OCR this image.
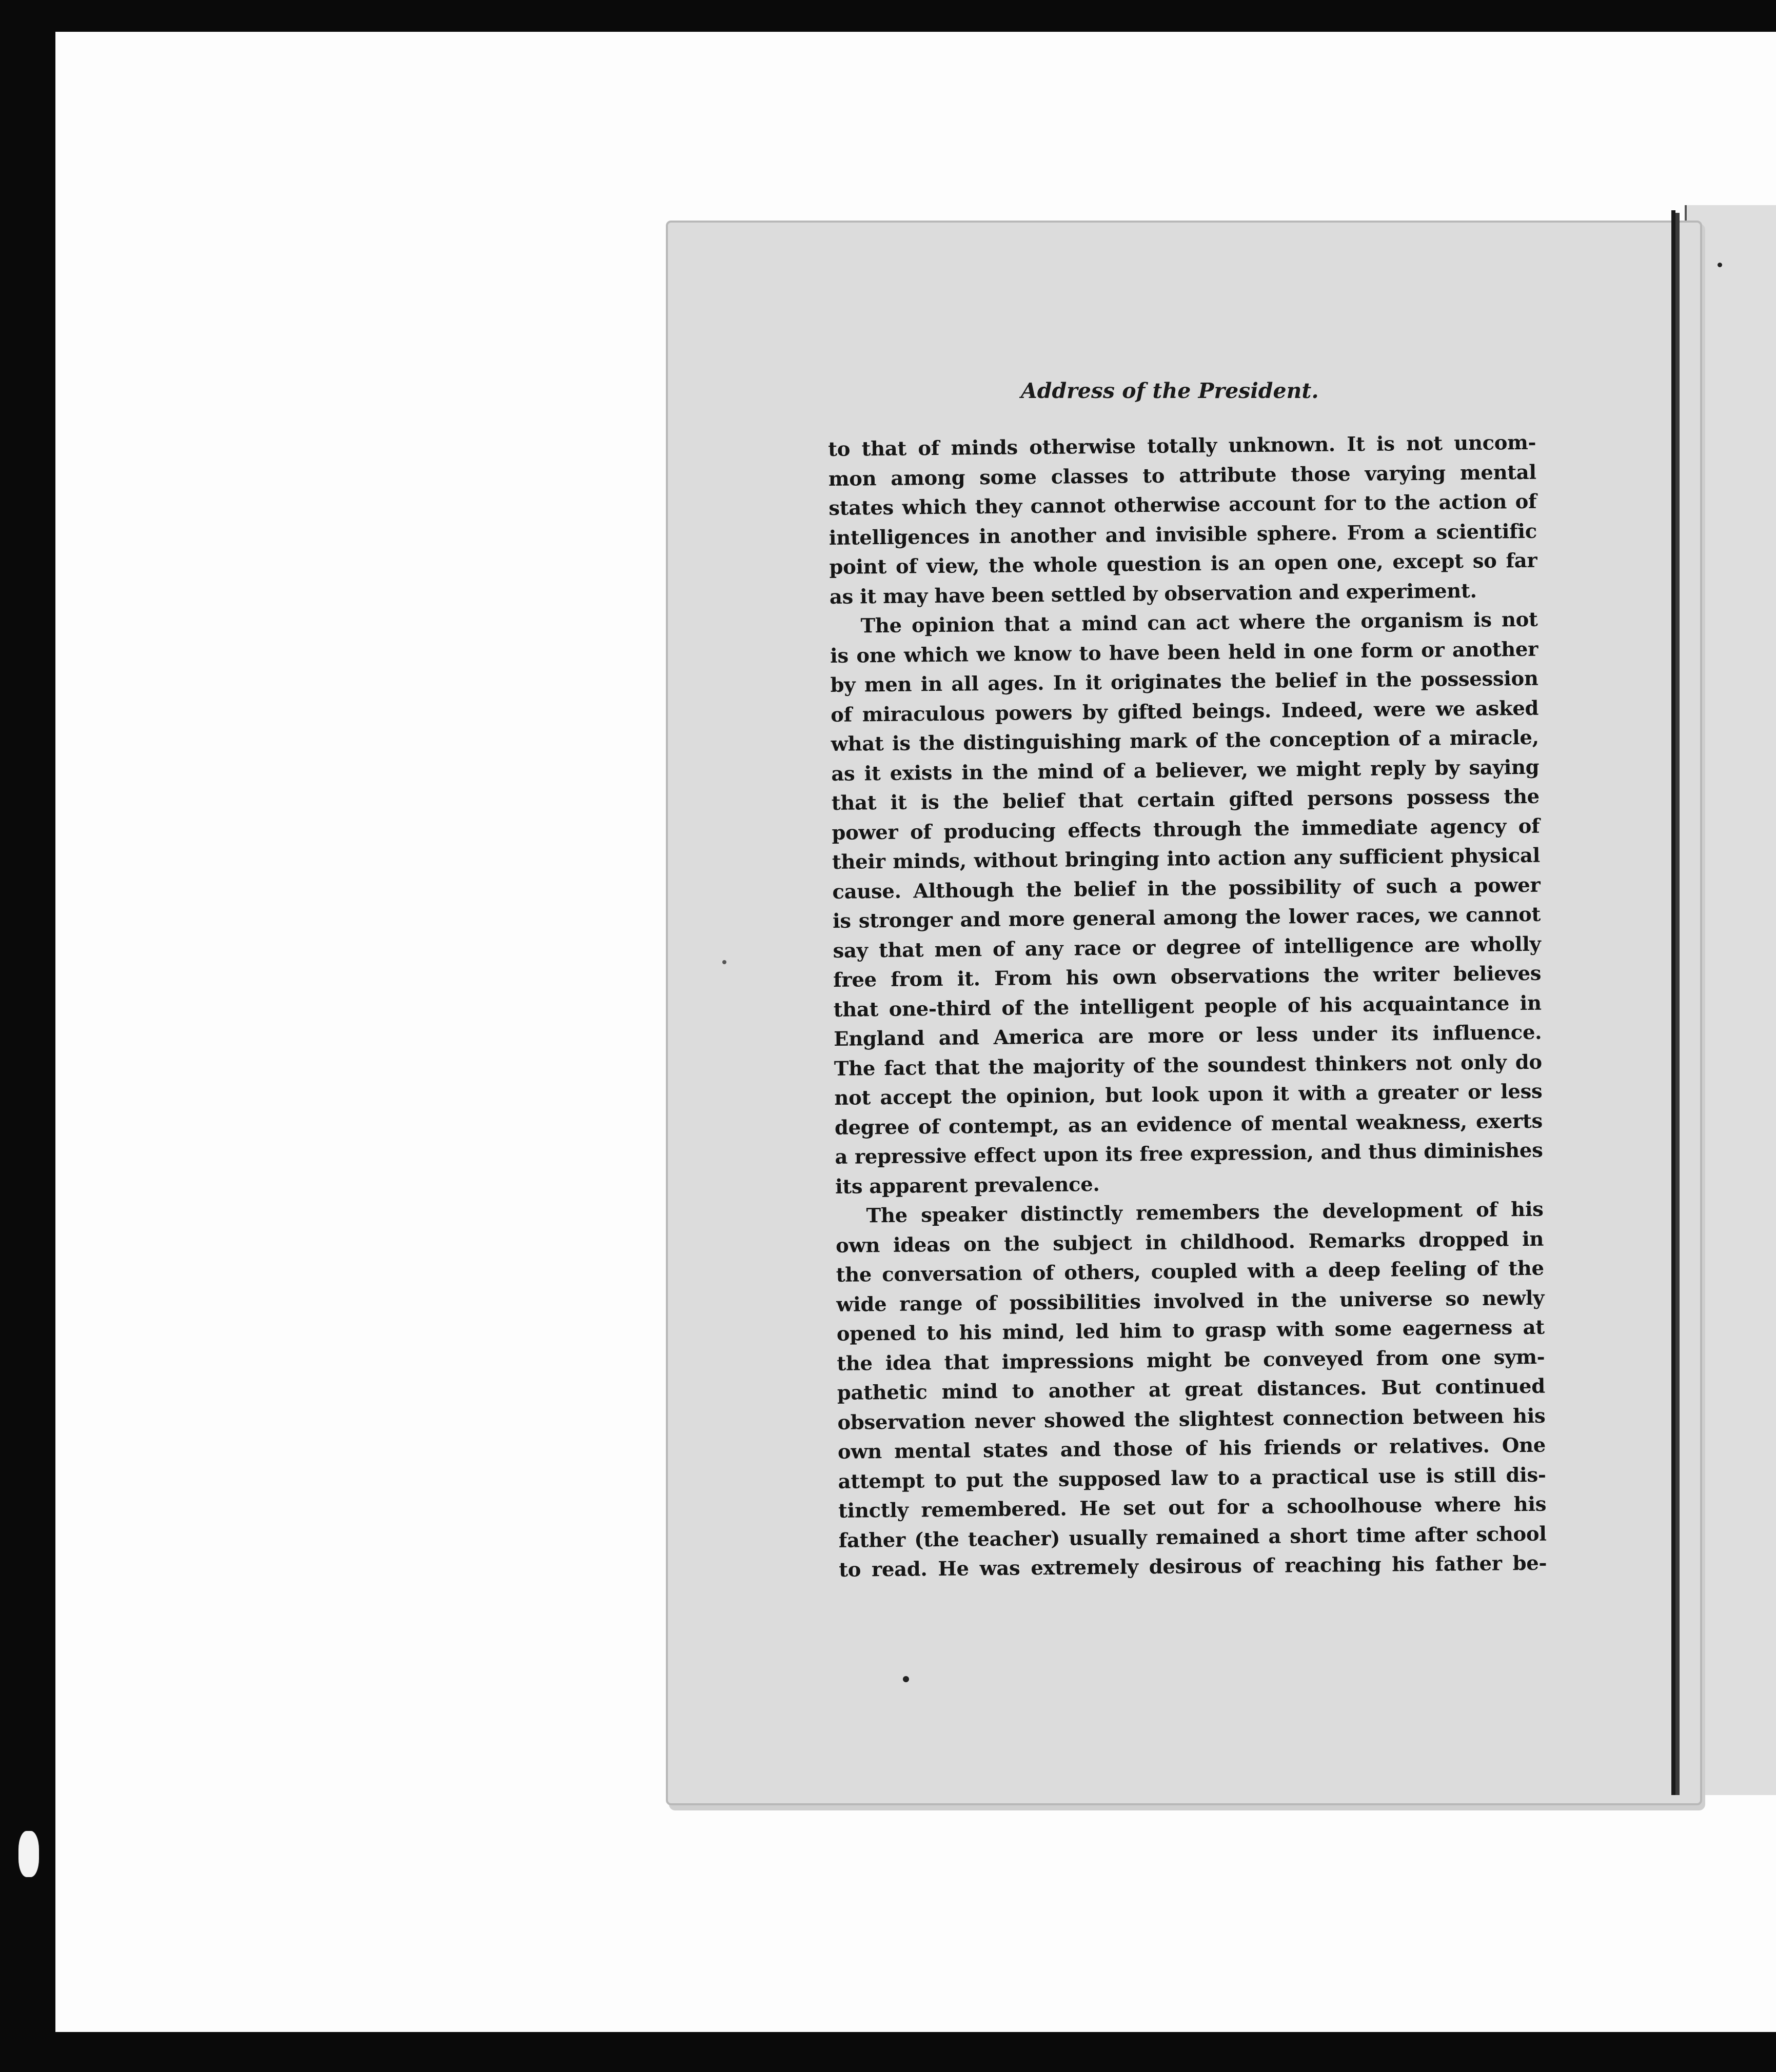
Address of the President.
to that of minds otherwise totally unknown. It is not uncom-
mon among some classes to attribute those varying mental
states which they cannot otherwise account for to the action of
intelligences in another and invisible sphere. From a scientific
point of view, the whole question is an open one, except so far
as it may have been settled by observation and experiment.
The opinion that a mind can act where the organism is not
is one which we know to have been held in one form or another
by men in all ages. In it originates the belief in the possession
of miraculous powers by gifted beings. Indeed, were we asked
what is the distinguishing mark of the conception of a miracle,
as it exists in the mind of a believer, we might reply by saying
that it is the belief that certain gifted persons possess the
power of producing effects through the immediate agency of
their minds, without bringing into action any sufficient physical
cause. Although the belief in the possibility of such a power
is stronger and more general among the lower races, we cannot
say that men of any race or degree of intelligence are wholly
free from it. From his own observations the writer believes
that one-third of the intelligent people of his acquaintance in
England and America are more or less under its influence.
The fact that the majority of the soundest thinkers not only do
not accept the opinion, but look upon it with a greater or less
degree of contempt, as an evidence of mental weakness, exerts
a repressive effect upon its free expression, and thus diminishes
its apparent prevalence.
The speaker distinctly remembers the development of his
own ideas on the subject in childhood. Remarks dropped in
the conversation of others, coupled with a deep feeling of the
wide range of possibilities involved in the universe so newly
opened to his mind, led him to grasp with some eagerness at
the idea that impressions might be conveyed from one sym-
pathetic mind to another at great distances. But continued
observation never showed the slightest connection between his
own mental states and those of his friends or relatives. One
attempt to put the supposed law to a practical use is still dis-
tinctly remembered. He set out for a schoolhouse where his
father (the teacher) usually remained a short time after school
to read. He was extremely desirous of reaching his father be-
